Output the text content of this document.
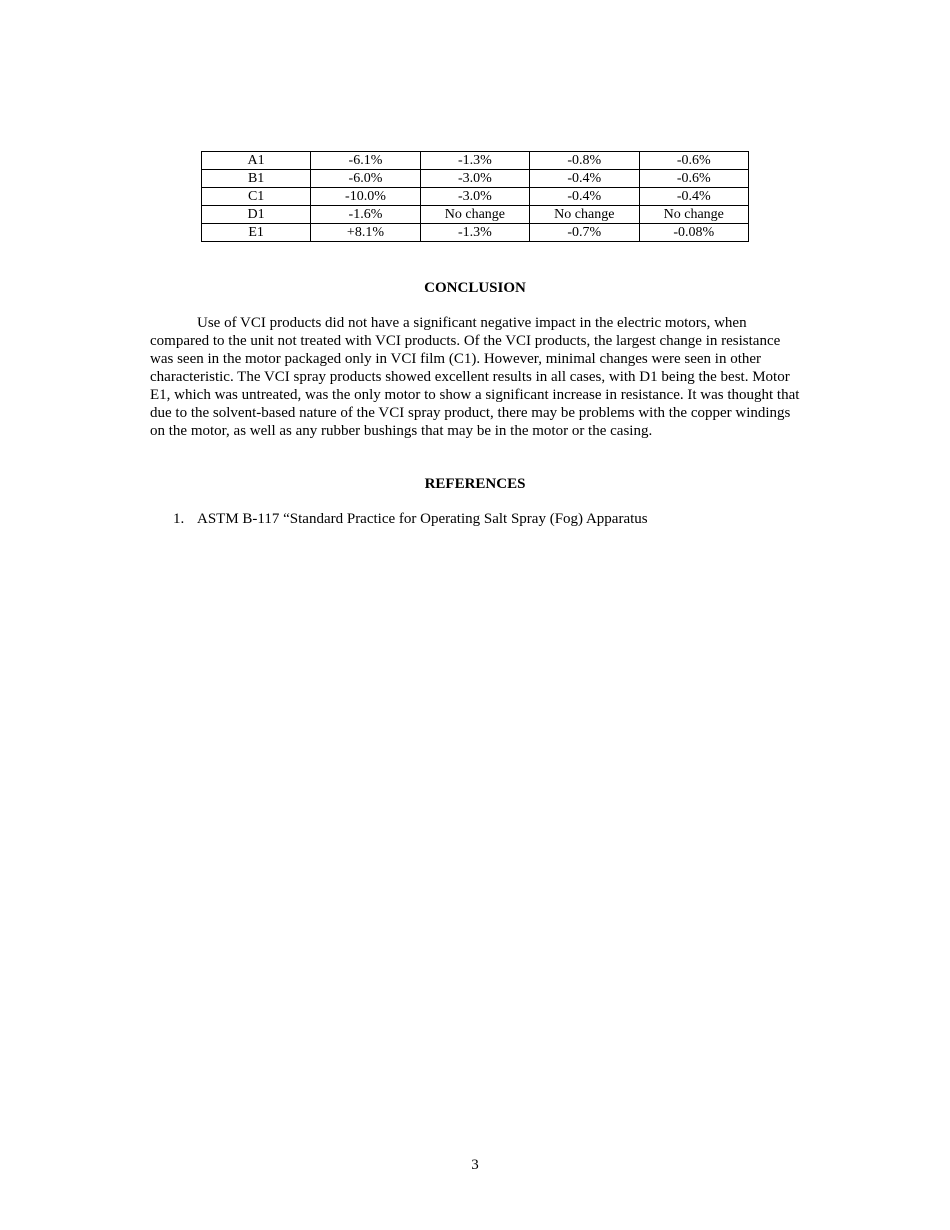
A1	-6.1%	-1.3%	-0.8%	-0.6%
B1	-6.0%	-3.0%	-0.4%	-0.6%
C1	-10.0%	-3.0%	-0.4%	-0.4%
D1	-1.6%	No change	No change	No change
E1	+8.1%	-1.3%	-0.7%	-0.08%
CONCLUSION

Use of VCI products did not have a significant negative impact in the electric motors, when compared to the unit not treated with VCI products. Of the VCI products, the largest change in resistance was seen in the motor packaged only in VCI film (C1). However, minimal changes were seen in other characteristic. The VCI spray products showed excellent results in all cases, with D1 being the best. Motor E1, which was untreated, was the only motor to show a significant increase in resistance. It was thought that due to the solvent-based nature of the VCI spray product, there may be problems with the copper windings on the motor, as well as any rubber bushings that may be in the motor or the casing.

REFERENCES
1. ASTM B-117 “Standard Practice for Operating Salt Spray (Fog) Apparatus
3
